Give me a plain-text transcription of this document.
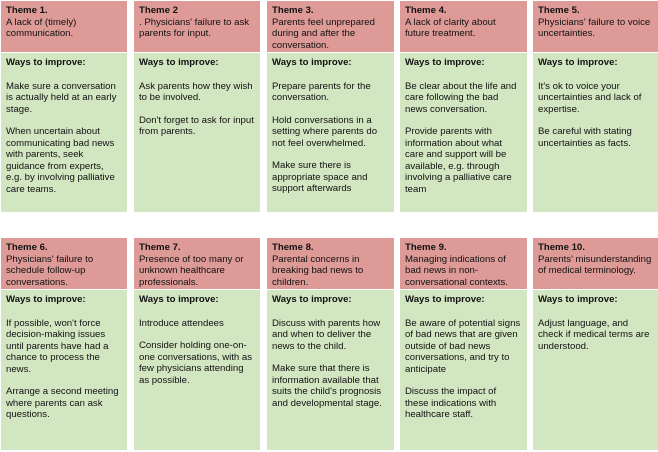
Theme 1.
A lack of (timely) communication.
Ways to improve:

Make sure a conversation is actually held at an early stage.

When uncertain about communicating bad news with parents, seek guidance from experts, e.g. by involving palliative care teams.

Theme 2
. Physicians' failure to ask parents for input.
Ways to improve:

Ask parents how they wish to be involved.

Don't forget to ask for input from parents.

Theme 3.
Parents feel unprepared during and after the conversation.
Ways to improve:

Prepare parents for the conversation.

Hold conversations in a setting where parents do not feel overwhelmed.

Make sure there is appropriate space and support afterwards

Theme 4.
A lack of clarity about future treatment.
Ways to improve:

Be clear about the life and care following the bad news conversation.

Provide parents with information about what care and support will be available, e.g. through involving a palliative care team

Theme 5.
Physicians' failure to voice uncertainties.
Ways to improve:

It's ok to voice your uncertainties and lack of expertise.

Be careful with stating uncertainties as facts.

Theme 6.
Physicians' failure to schedule follow-up conversations.
Ways to improve:

If possible, won't force decision-making issues until parents have had a chance to process the news.

Arrange a second meeting where parents can ask questions.

Theme 7.
Presence of too many or unknown healthcare professionals.
Ways to improve:

Introduce attendees

Consider holding one-on-one conversations, with as few physicians attending as possible.

Theme 8.
Parental concerns in breaking bad news to children.
Ways to improve:

Discuss with parents how and when to deliver the news to the child.

Make sure that there is information available that suits the child's prognosis and developmental stage.

Theme 9.
Managing indications of bad news in non-conversational contexts.
Ways to improve:

Be aware of potential signs of bad news that are given outside of bad news conversations, and try to anticipate

Discuss the impact of these indications with healthcare staff.

Theme 10.
Parents' misunderstanding of medical terminology.
Ways to improve:

Adjust language, and check if medical terms are understood.
